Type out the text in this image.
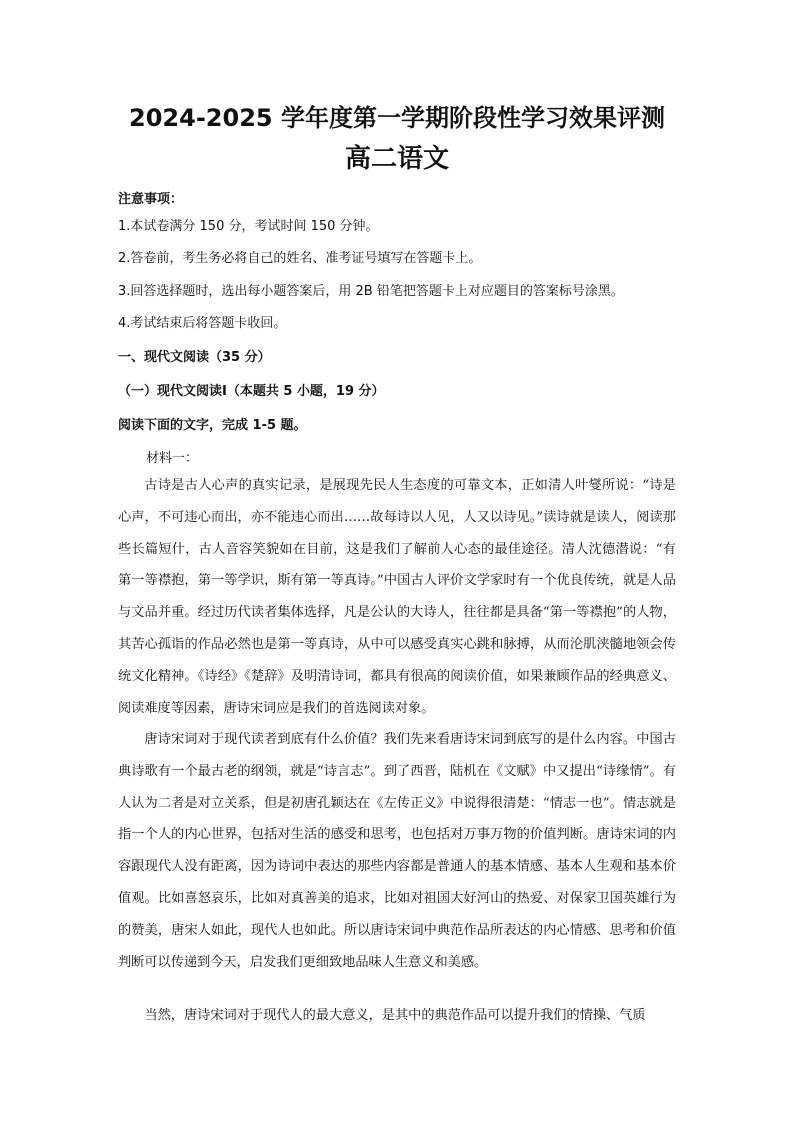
2024-2025 学年度第一学期阶段性学习效果评测
高二语文
注意事项：
1.本试卷满分 150 分，考试时间 150 分钟。
2.答卷前，考生务必将自己的姓名、准考证号填写在答题卡上。
3.回答选择题时，选出每小题答案后，用 2B 铅笔把答题卡上对应题目的答案标号涂黑。
4.考试结束后将答题卡收回。
一、现代文阅读（35 分）
（一）现代文阅读Ⅰ（本题共 5 小题，19 分）
阅读下面的文字，完成 1-5 题。
材料一：

古诗是古人心声的真实记录，是展现先民人生态度的可靠文本，正如清人叶燮所说：“诗是心声，不可违心而出，亦不能违心而出……故每诗以人见，人又以诗见。”读诗就是读人，阅读那些长篇短什，古人音容笑貌如在目前，这是我们了解前人心态的最佳途径。清人沈德潜说：“有第一等襟抱，第一等学识，斯有第一等真诗。”中国古人评价文学家时有一个优良传统，就是人品与文品并重。经过历代读者集体选择，凡是公认的大诗人，往往都是具备“第一等襟抱”的人物，其苦心孤诣的作品必然也是第一等真诗，从中可以感受真实心跳和脉搏，从而沦肌浃髓地领会传统文化精神。《诗经》《楚辞》及明清诗词，都具有很高的阅读价值，如果兼顾作品的经典意义、阅读难度等因素，唐诗宋词应是我们的首选阅读对象。

唐诗宋词对于现代读者到底有什么价值？我们先来看唐诗宋词到底写的是什么内容。中国古典诗歌有一个最古老的纲领，就是“诗言志”。到了西晋，陆机在《文赋》中又提出“诗缘情”。有人认为二者是对立关系，但是初唐孔颖达在《左传正义》中说得很清楚：“情志一也”。情志就是指一个人的内心世界，包括对生活的感受和思考，也包括对万事万物的价值判断。唐诗宋词的内容跟现代人没有距离，因为诗词中表达的那些内容都是普通人的基本情感、基本人生观和基本价值观。比如喜怒哀乐，比如对真善美的追求，比如对祖国大好河山的热爱、对保家卫国英雄行为的赞美，唐宋人如此，现代人也如此。所以唐诗宋词中典范作品所表达的内心情感、思考和价值判断可以传递到今天，启发我们更细致地品味人生意义和美感。

当然，唐诗宋词对于现代人的最大意义，是其中的典范作品可以提升我们的情操、气质
